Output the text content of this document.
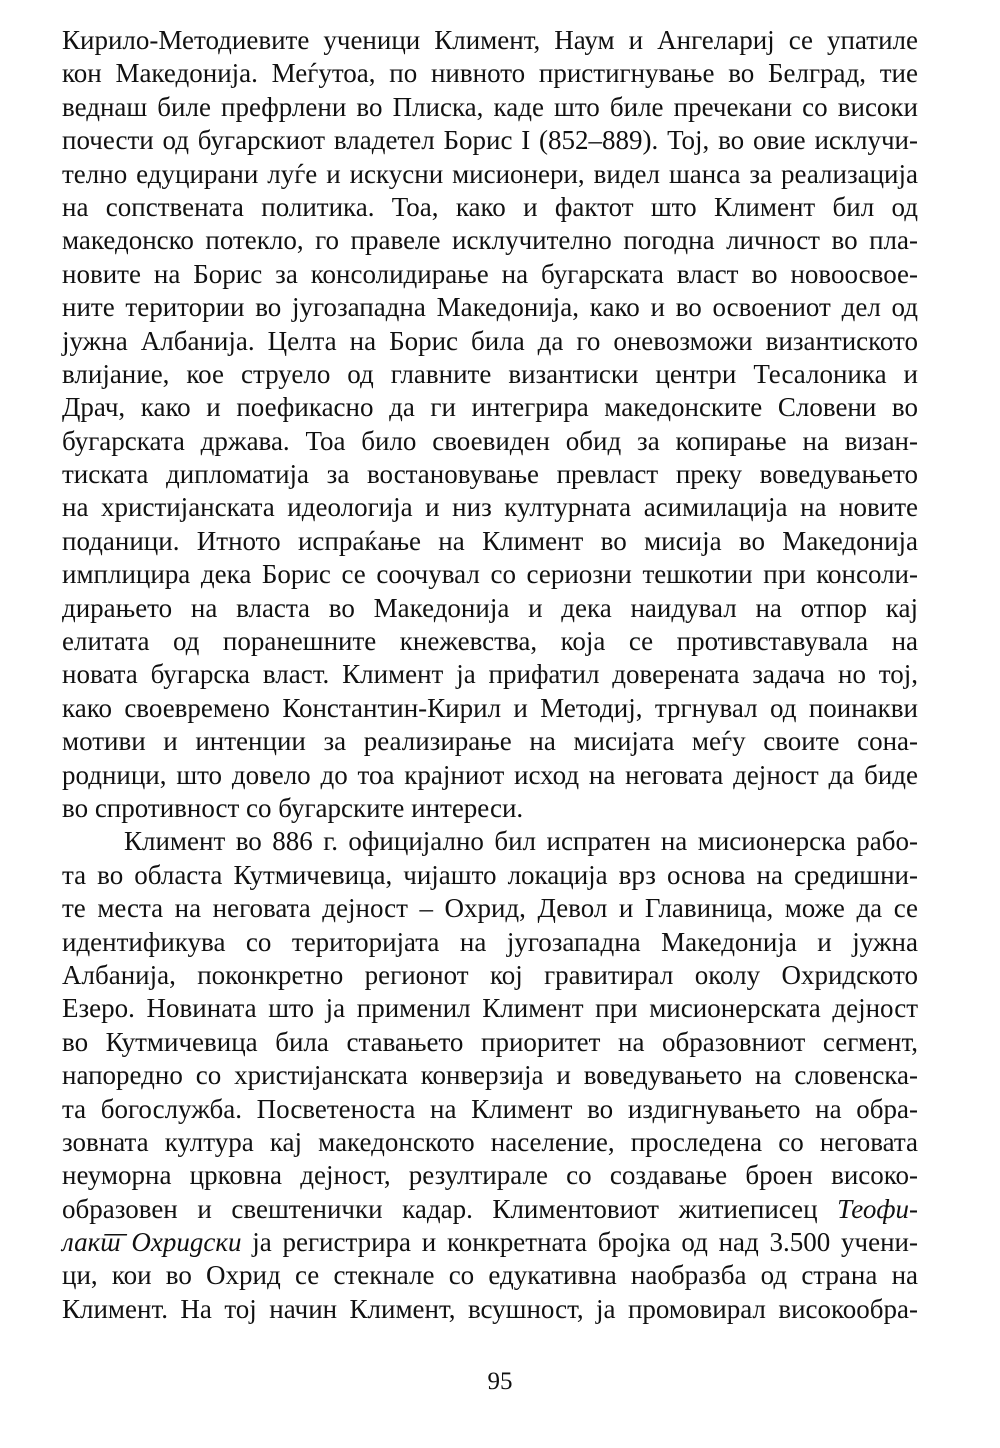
Кирило-Методиевите ученици Климент, Наум и Ангелариј се упатиле
кон Македонија. Меѓутоа, по нивното пристигнување во Белград, тие
веднаш биле префрлени во Плиска, каде што биле пречекани со високи
почести од бугарскиот владетел Борис I (852–889). Тој, во овие исклучи-
телно едуцирани луѓе и искусни мисионери, видел шанса за реализација
на сопствената политика. Тоа, како и фактот што Климент бил од
македонско потекло, го правеле исклучително погодна личност во пла-
новите на Борис за консолидирање на бугарската власт во новоосвое-
ните територии во југозападна Македонија, како и во освоениот дел од
јужна Албанија. Целта на Борис била да го оневозможи византиското
влијание, кое струело од главните византиски центри Тесалоника и
Драч, како и поефикасно да ги интегрира македонските Словени во
бугарската држава. Тоа било своевиден обид за копирање на визан-
тиската дипломатија за востановување превласт преку воведувањето
на христијанската идеологија и низ културната асимилација на новите
поданици. Итното испраќање на Климент во мисија во Македонија
имплицира дека Борис се соочувал со сериозни тешкотии при консоли-
дирањето на власта во Македонија и дека наидувал на отпор кај
елитата од поранешните кнежевства, која се противставувала на
новата бугарска власт. Климент ја прифатил доверената задача но тој,
како своевремено Константин-Кирил и Методиј, тргнувал од поинакви
мотиви и интенции за реализирање на мисијата меѓу своите сона-
родници, што довело до тоа крајниот исход на неговата дејност да биде
во спротивност со бугарските интереси.
Климент во 886 г. официјално бил испратен на мисионерска рабо-
та во областа Кутмичевица, чијашто локација врз основа на средишни-
те места на неговата дејност – Охрид, Девол и Главиница, може да се
идентификува со територијата на југозападна Македонија и јужна
Албанија, поконкретно регионот кој гравитирал околу Охридското
Езеро. Новината што ја применил Климент при мисионерската дејност
во Кутмичевица била ставањето приоритет на образовниот сегмент,
напоредно со христијанската конверзија и воведувањето на словенска-
та богослужба. Посветеноста на Климент во издигнувањето на обра-
зовната култура кај македонското население, проследена со неговата
неуморна црковна дејност, резултирале со создавање броен високо-
образовен и свештенички кадар. Климентовиот житиеписец Теофи-
лакт̄ Охридски ја регистрира и конкретната бројка од над 3.500 учени-
ци, кои во Охрид се стекнале со едукативна наобразба од страна на
Климент. На тој начин Климент, всушност, ја промовирал високообра-
95
